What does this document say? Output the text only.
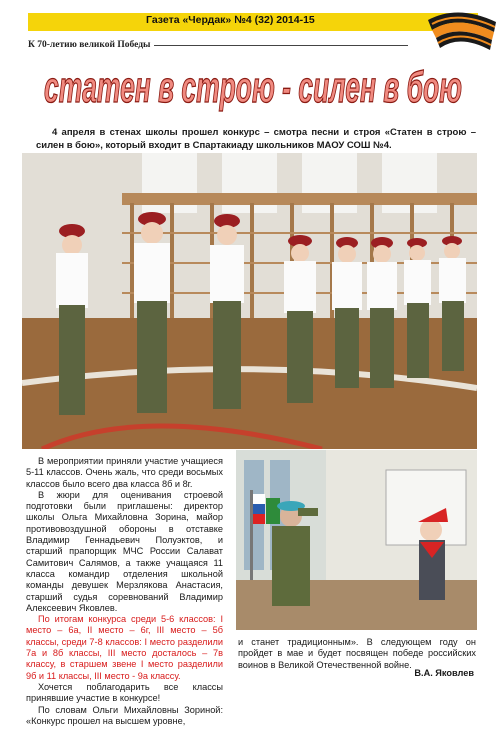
Газета «Чердак» №4 (32) 2014-15
К 70-летию великой Победы
статен в строю - силен в бою
4 апреля в стенах школы прошел конкурс – смотра песни и строя «Статен в строю – силен в бою», который входит в Спартакиаду школьников МАОУ СОШ №4.

В мероприятии приняли участие учащиеся 5-11 классов. Очень жаль, что среди восьмых классов было всего два класса 8б и 8г.

В жюри для оценивания строевой подготовки были приглашены: директор школы Ольга Михайловна Зорина, майор противовоздушной обороны в отставке Владимир Геннадьевич Полуэктов, и старший прапорщик МЧС России Салават Самитович Салямов, а также учащаяся 11 класса командир отделения школьной команды девушек Мерзлякова Анастасия, старший судья соревнований Владимир Алексеевич Яковлев.

По итогам конкурса среди 5-6 классов: I место – 6а, II место – 6г, III место – 5б классы, среди 7-8 классов: I место разделили 7а и 8б классы, III место досталось – 7в классу, в старшем звене I место разделили 9б и 11 классы, III место - 9а классу.

Хочется поблагодарить все классы принявшие участие в конкурсе!

По словам Ольги Михайловны Зориной: «Конкурс прошел на высшем уровне,

и станет традиционным». В следующем году он пройдет в мае и будет посвящен победе российских воинов в Великой Отечественной войне.

В.А. Яковлев
